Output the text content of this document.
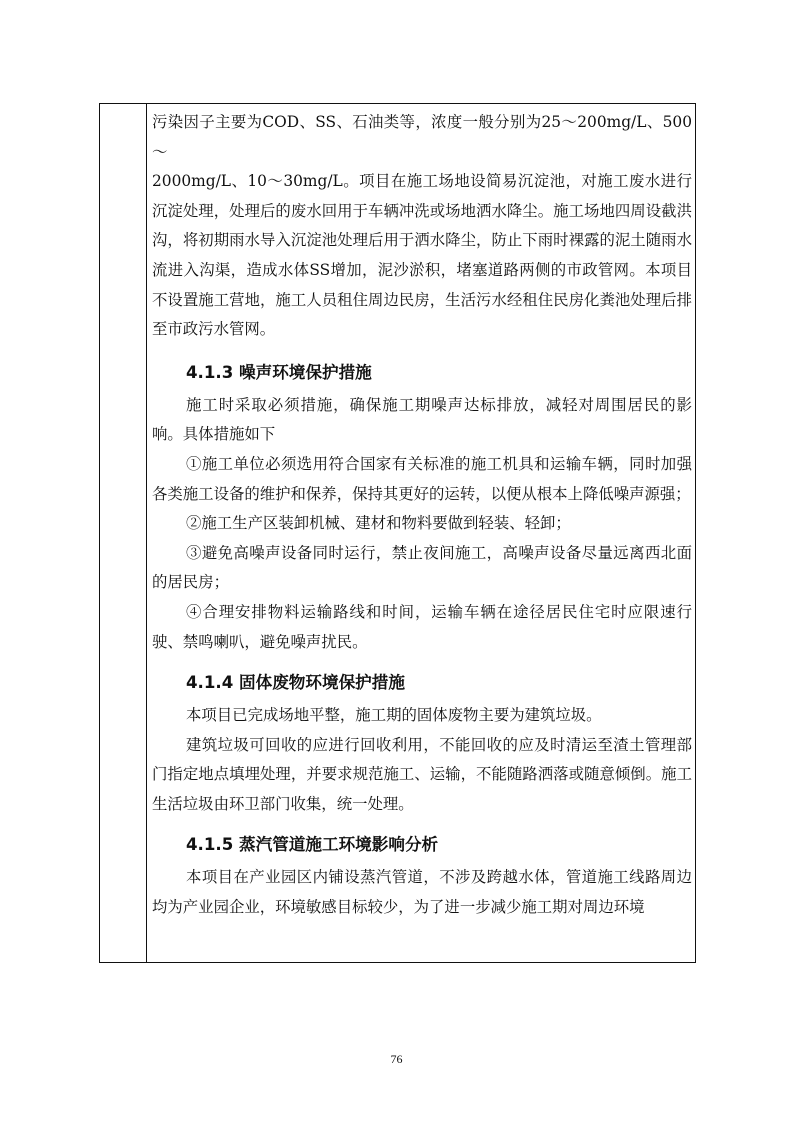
污染因子主要为COD、SS、石油类等，浓度一般分别为25～200mg/L、500～

2000mg/L、10～30mg/L。项目在施工场地设简易沉淀池，对施工废水进行沉淀处理，处理后的废水回用于车辆冲洗或场地洒水降尘。施工场地四周设截洪沟，将初期雨水导入沉淀池处理后用于洒水降尘，防止下雨时裸露的泥土随雨水流进入沟渠，造成水体SS增加，泥沙淤积，堵塞道路两侧的市政管网。本项目不设置施工营地，施工人员租住周边民房，生活污水经租住民房化粪池处理后排至市政污水管网。

4.1.3 噪声环境保护措施

施工时采取必须措施，确保施工期噪声达标排放，减轻对周围居民的影响。具体措施如下

①施工单位必须选用符合国家有关标准的施工机具和运输车辆，同时加强各类施工设备的维护和保养，保持其更好的运转，以便从根本上降低噪声源强；

②施工生产区装卸机械、建材和物料要做到轻装、轻卸；

③避免高噪声设备同时运行，禁止夜间施工，高噪声设备尽量远离西北面的居民房；

④合理安排物料运输路线和时间，运输车辆在途径居民住宅时应限速行驶、禁鸣喇叭，避免噪声扰民。

4.1.4 固体废物环境保护措施

本项目已完成场地平整，施工期的固体废物主要为建筑垃圾。

建筑垃圾可回收的应进行回收利用，不能回收的应及时清运至渣土管理部门指定地点填埋处理，并要求规范施工、运输，不能随路洒落或随意倾倒。施工生活垃圾由环卫部门收集，统一处理。

4.1.5 蒸汽管道施工环境影响分析

本项目在产业园区内铺设蒸汽管道，不涉及跨越水体，管道施工线路周边均为产业园企业，环境敏感目标较少，为了进一步减少施工期对周边环境

76
